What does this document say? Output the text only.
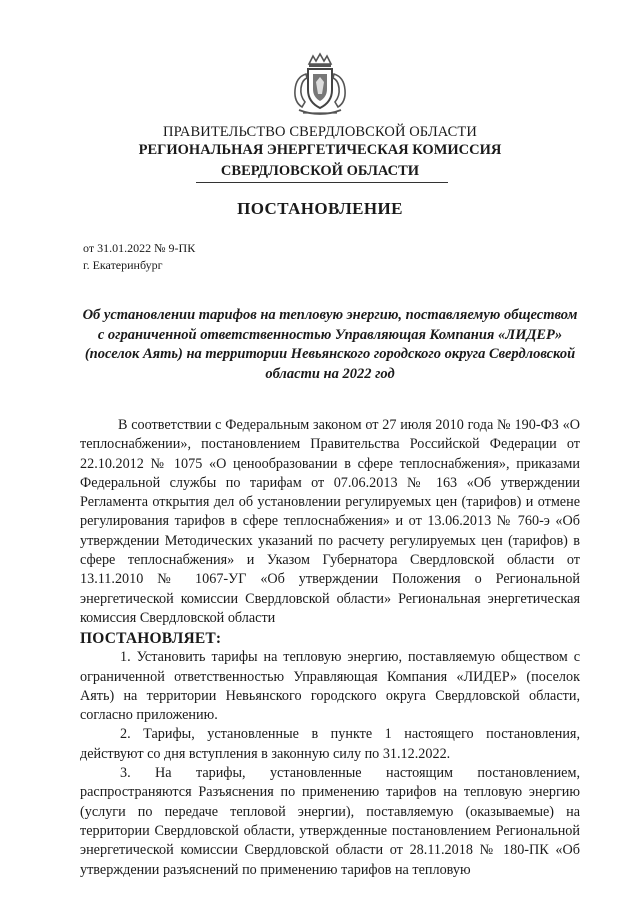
ПРАВИТЕЛЬСТВО СВЕРДЛОВСКОЙ ОБЛАСТИ
РЕГИОНАЛЬНАЯ ЭНЕРГЕТИЧЕСКАЯ КОМИССИЯ
СВЕРДЛОВСКОЙ ОБЛАСТИ
ПОСТАНОВЛЕНИЕ
от 31.01.2022 № 9-ПК
г. Екатеринбург
Об установлении тарифов на тепловую энергию, поставляемую обществом с ограниченной ответственностью Управляющая Компания «ЛИДЕР» (поселок Аять) на территории Невьянского городского округа Свердловской области на 2022 год

В соответствии с Федеральным законом от 27 июля 2010 года № 190-ФЗ «О теплоснабжении», постановлением Правительства Российской Федерации от 22.10.2012 № 1075 «О ценообразовании в сфере теплоснабжения», приказами Федеральной службы по тарифам от 07.06.2013 № 163 «Об утверждении Регламента открытия дел об установлении регулируемых цен (тарифов) и отмене регулирования тарифов в сфере теплоснабжения» и от 13.06.2013 № 760-э «Об утверждении Методических указаний по расчету регулируемых цен (тарифов) в сфере теплоснабжения» и Указом Губернатора Свердловской области от 13.11.2010 № 1067-УГ «Об утверждении Положения о Региональной энергетической комиссии Свердловской области» Региональная энергетическая комиссия Свердловской области

ПОСТАНОВЛЯЕТ:

1. Установить тарифы на тепловую энергию, поставляемую обществом с ограниченной ответственностью Управляющая Компания «ЛИДЕР» (поселок Аять) на территории Невьянского городского округа Свердловской области, согласно приложению.

2. Тарифы, установленные в пункте 1 настоящего постановления, действуют со дня вступления в законную силу по 31.12.2022.

3. На тарифы, установленные настоящим постановлением, распространяются Разъяснения по применению тарифов на тепловую энергию (услуги по передаче тепловой энергии), поставляемую (оказываемые) на территории Свердловской области, утвержденные постановлением Региональной энергетической комиссии Свердловской области от 28.11.2018 № 180-ПК «Об утверждении разъяснений по применению тарифов на тепловую
